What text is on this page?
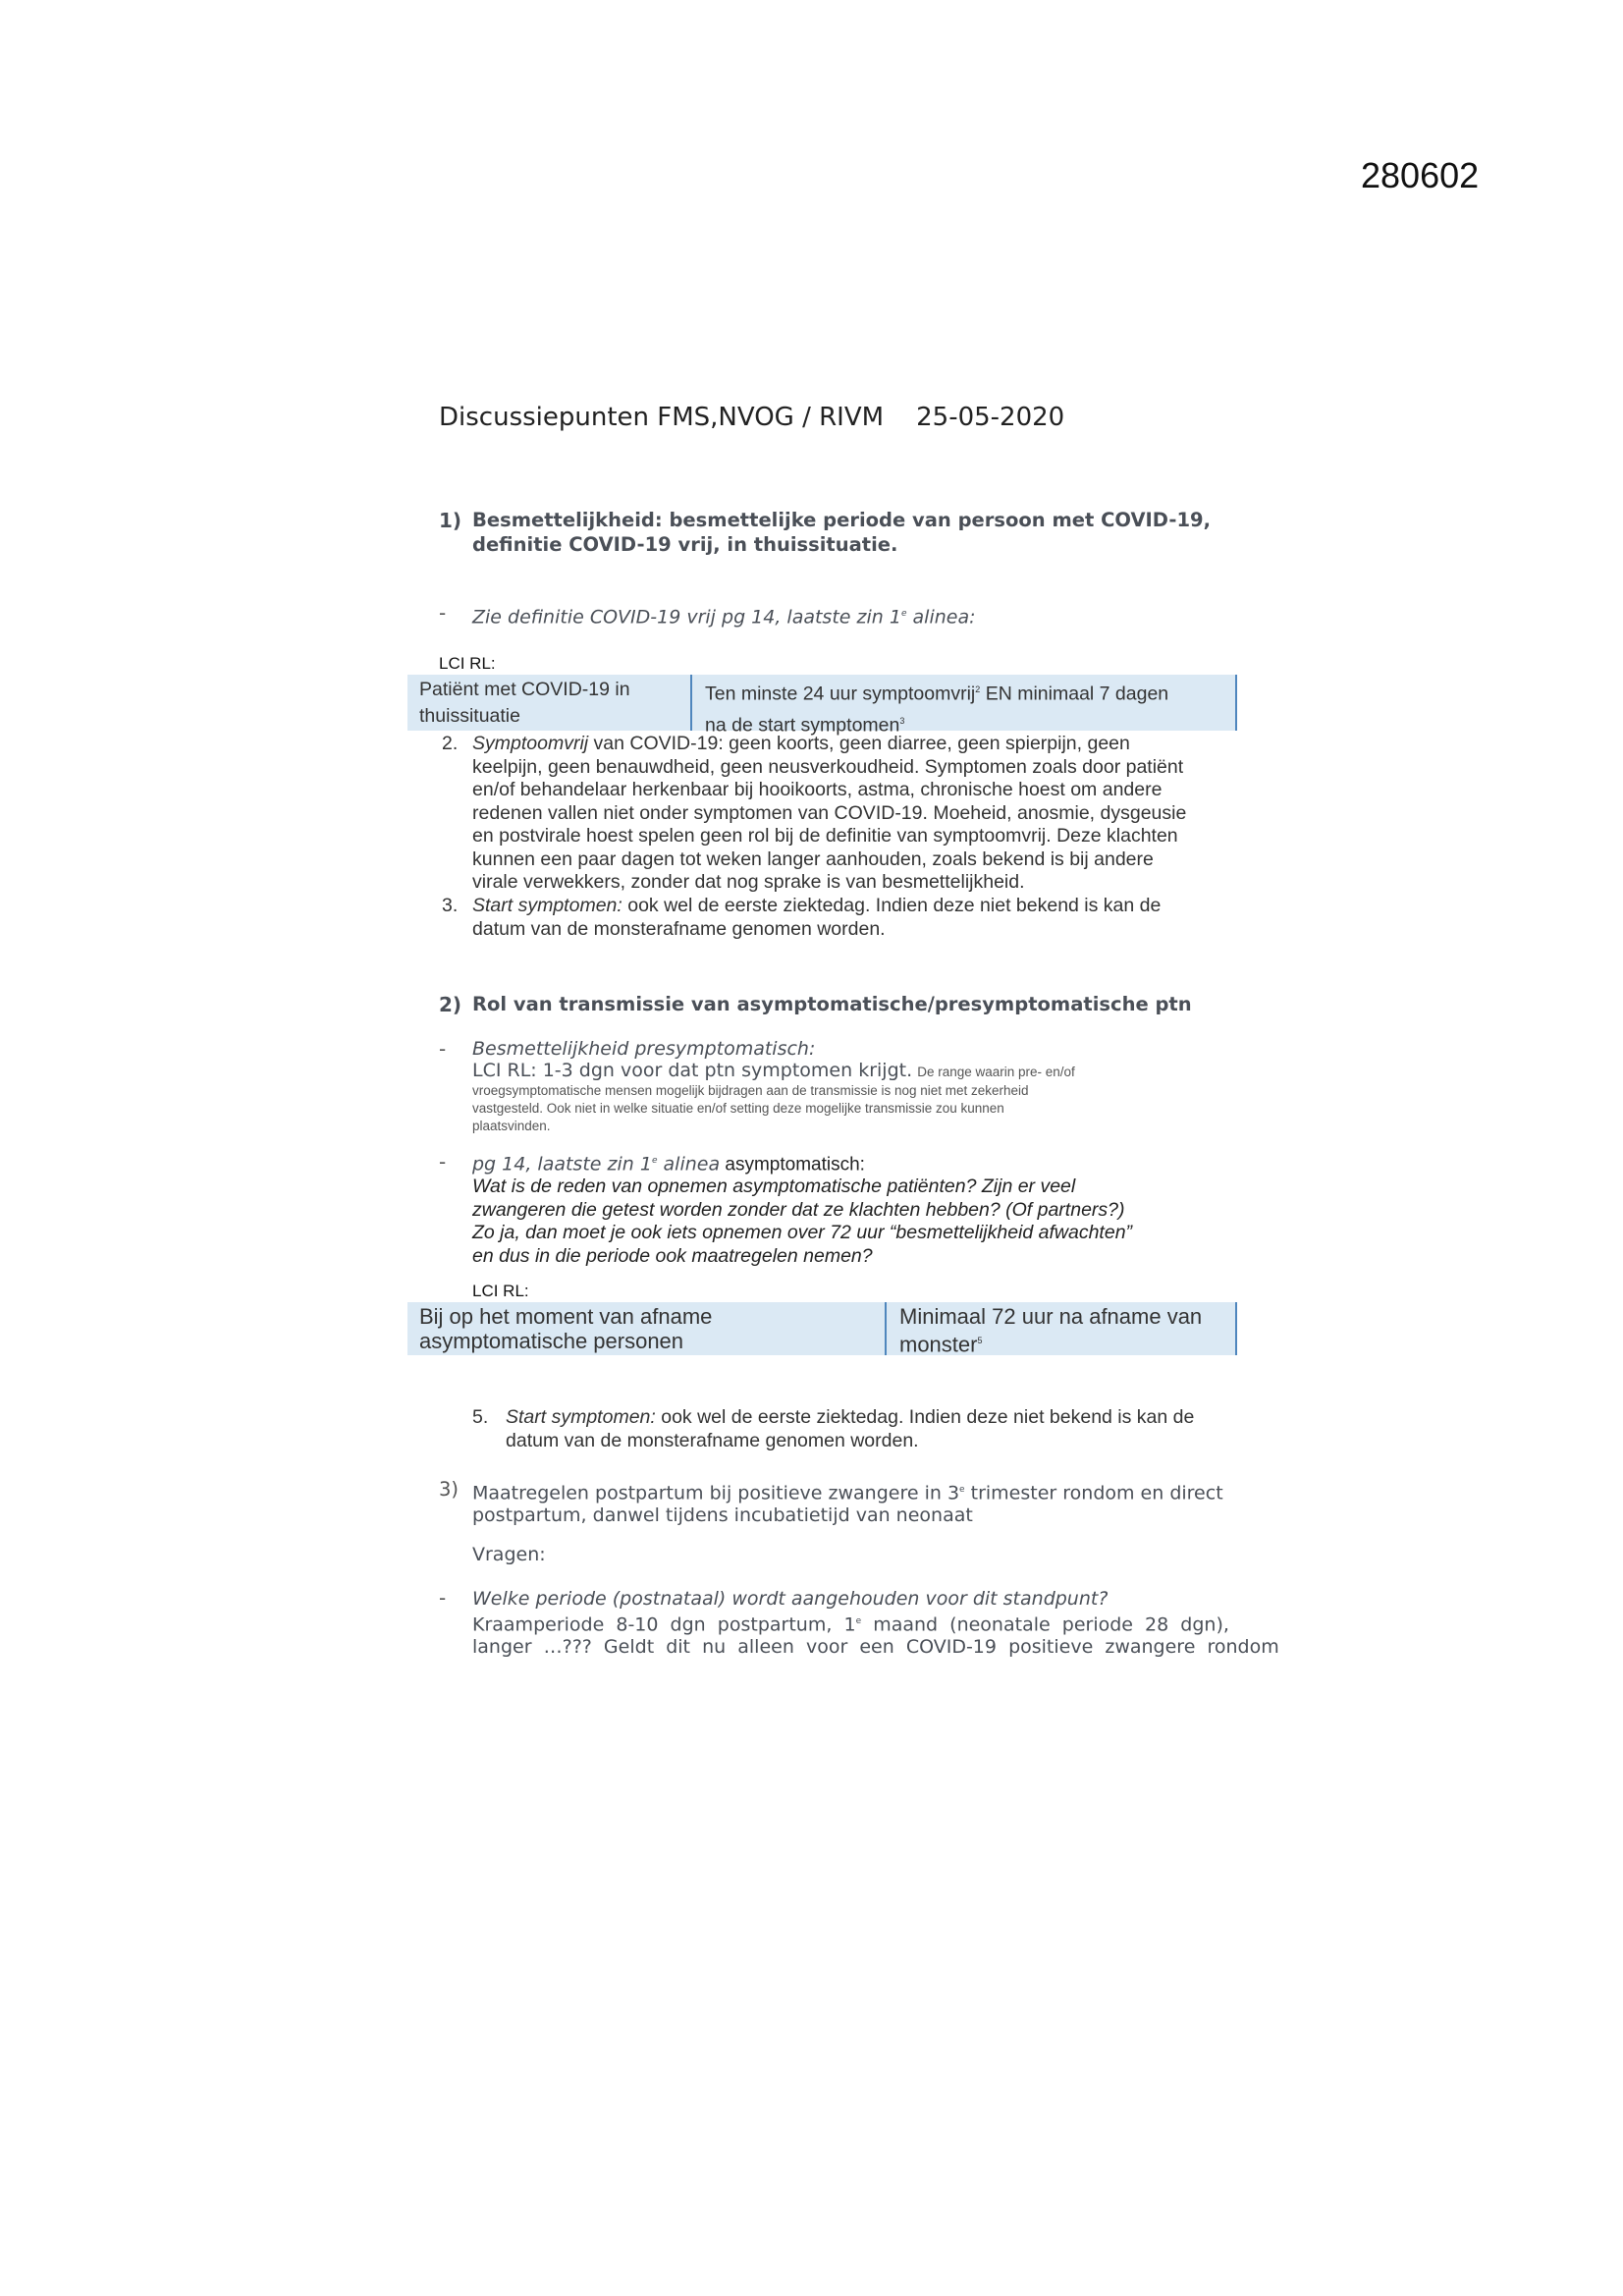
280602
Discussiepunten FMS,NVOG / RIVM    25-05-2020
1) Besmettelijkheid: besmettelijke periode van persoon met COVID-19,
definitie COVID-19 vrij, in thuissituatie.
- Zie definitie COVID-19 vrij pg 14, laatste zin 1e alinea:
LCI RL:
Patiënt met COVID-19 in
thuissituatie
Ten minste 24 uur symptoomvrij$^2$ EN minimaal 7 dagen
na de start symptomen$^3$
2. Symptoomvrij van COVID-19: geen koorts, geen diarree, geen spierpijn, geen
keelpijn, geen benauwdheid, geen neusverkoudheid. Symptomen zoals door patiënt
en/of behandelaar herkenbaar bij hooikoorts, astma, chronische hoest om andere
redenen vallen niet onder symptomen van COVID-19. Moeheid, anosmie, dysgeusie
en postvirale hoest spelen geen rol bij de definitie van symptoomvrij. Deze klachten
kunnen een paar dagen tot weken langer aanhouden, zoals bekend is bij andere
virale verwekkers, zonder dat nog sprake is van besmettelijkheid.
3. Start symptomen: ook wel de eerste ziektedag. Indien deze niet bekend is kan de
datum van de monsterafname genomen worden.
2) Rol van transmissie van asymptomatische/presymptomatische ptn
- Besmettelijkheid presymptomatisch:
LCI RL: 1-3 dgn voor dat ptn symptomen krijgt. De range waarin pre- en/of
vroegsymptomatische mensen mogelijk bijdragen aan de transmissie is nog niet met zekerheid
vastgesteld. Ook niet in welke situatie en/of setting deze mogelijke transmissie zou kunnen
plaatsvinden.
- pg 14, laatste zin 1e alinea asymptomatisch:
Wat is de reden van opnemen asymptomatische patiënten? Zijn er veel
zwangeren die getest worden zonder dat ze klachten hebben? (Of partners?)
Zo ja, dan moet je ook iets opnemen over 72 uur “besmettelijkheid afwachten”
en dus in die periode ook maatregelen nemen?
LCI RL:
Bij op het moment van afname
asymptomatische personen
Minimaal 72 uur na afname van
monster$^5$
5. Start symptomen: ook wel de eerste ziektedag. Indien deze niet bekend is kan de
datum van de monsterafname genomen worden.
3) Maatregelen postpartum bij positieve zwangere in 3e trimester rondom en direct
postpartum, danwel tijdens incubatietijd van neonaat
Vragen:
- Welke periode (postnataal) wordt aangehouden voor dit standpunt?
Kraamperiode  8-10  dgn  postpartum,  1e  maand  (neonatale  periode  28  dgn),
langer  …???  Geldt  dit  nu  alleen  voor  een  COVID-19  positieve  zwangere  rondom
